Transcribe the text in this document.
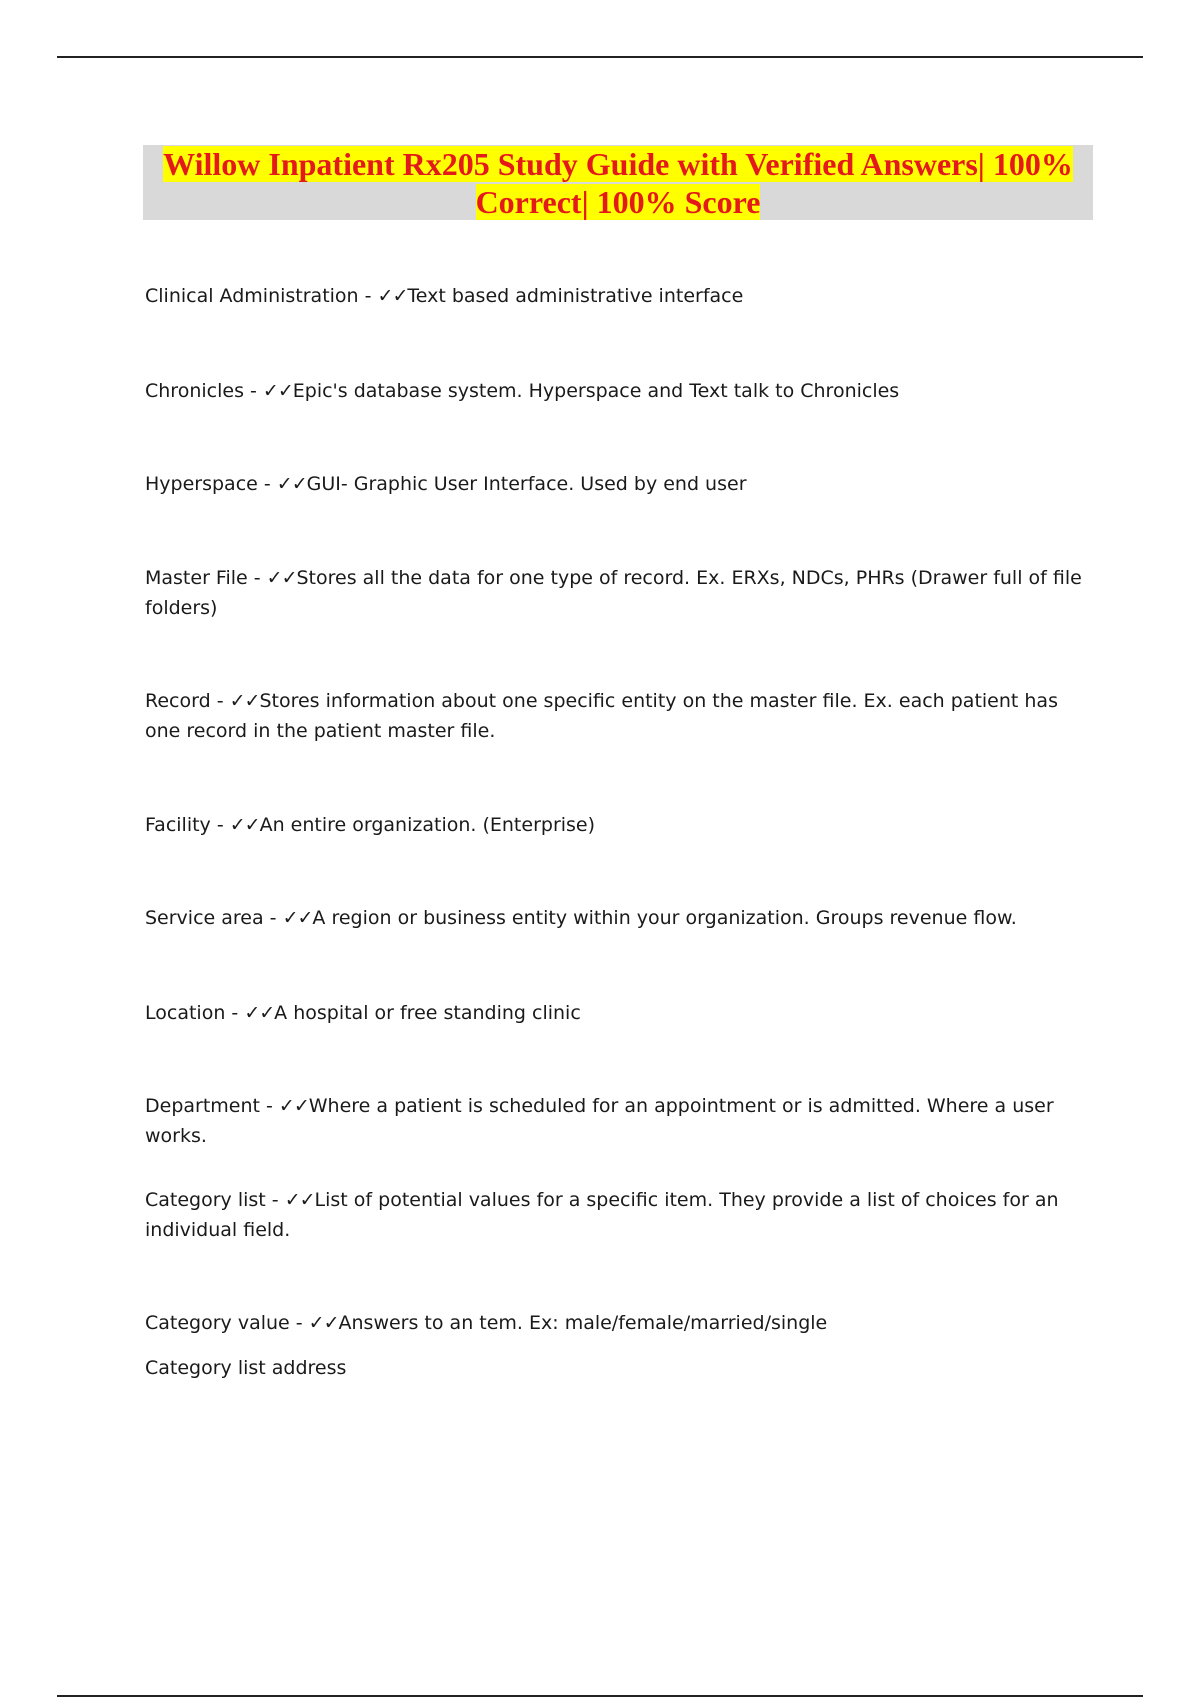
Willow Inpatient Rx205 Study Guide with Verified Answers| 100% Correct| 100% Score
Clinical Administration - ✓✓Text based administrative interface
Chronicles - ✓✓Epic's database system. Hyperspace and Text talk to Chronicles
Hyperspace - ✓✓GUI- Graphic User Interface. Used by end user
Master File - ✓✓Stores all the data for one type of record. Ex. ERXs, NDCs, PHRs (Drawer full of file folders)
Record - ✓✓Stores information about one specific entity on the master file. Ex. each patient has one record in the patient master file.
Facility - ✓✓An entire organization. (Enterprise)
Service area - ✓✓A region or business entity within your organization. Groups revenue flow.
Location - ✓✓A hospital or free standing clinic
Department - ✓✓Where a patient is scheduled for an appointment or is admitted. Where a user works.
Category list - ✓✓List of potential values for a specific item. They provide a list of choices for an individual field.
Category value - ✓✓Answers to an tem. Ex: male/female/married/single
Category list address
